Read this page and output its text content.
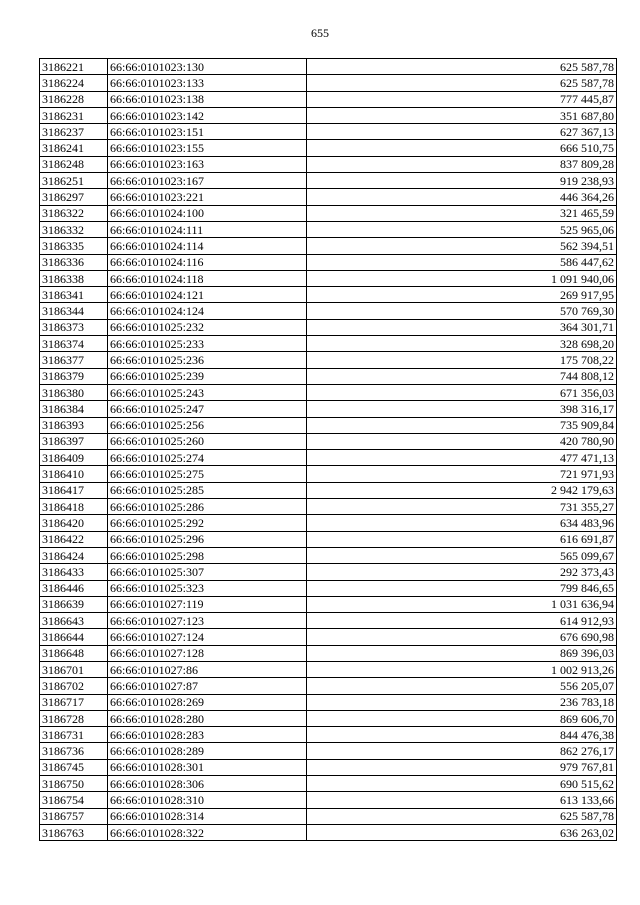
655
3186221	66:66:0101023:130	625 587,78
3186224	66:66:0101023:133	625 587,78
3186228	66:66:0101023:138	777 445,87
3186231	66:66:0101023:142	351 687,80
3186237	66:66:0101023:151	627 367,13
3186241	66:66:0101023:155	666 510,75
3186248	66:66:0101023:163	837 809,28
3186251	66:66:0101023:167	919 238,93
3186297	66:66:0101023:221	446 364,26
3186322	66:66:0101024:100	321 465,59
3186332	66:66:0101024:111	525 965,06
3186335	66:66:0101024:114	562 394,51
3186336	66:66:0101024:116	586 447,62
3186338	66:66:0101024:118	1 091 940,06
3186341	66:66:0101024:121	269 917,95
3186344	66:66:0101024:124	570 769,30
3186373	66:66:0101025:232	364 301,71
3186374	66:66:0101025:233	328 698,20
3186377	66:66:0101025:236	175 708,22
3186379	66:66:0101025:239	744 808,12
3186380	66:66:0101025:243	671 356,03
3186384	66:66:0101025:247	398 316,17
3186393	66:66:0101025:256	735 909,84
3186397	66:66:0101025:260	420 780,90
3186409	66:66:0101025:274	477 471,13
3186410	66:66:0101025:275	721 971,93
3186417	66:66:0101025:285	2 942 179,63
3186418	66:66:0101025:286	731 355,27
3186420	66:66:0101025:292	634 483,96
3186422	66:66:0101025:296	616 691,87
3186424	66:66:0101025:298	565 099,67
3186433	66:66:0101025:307	292 373,43
3186446	66:66:0101025:323	799 846,65
3186639	66:66:0101027:119	1 031 636,94
3186643	66:66:0101027:123	614 912,93
3186644	66:66:0101027:124	676 690,98
3186648	66:66:0101027:128	869 396,03
3186701	66:66:0101027:86	1 002 913,26
3186702	66:66:0101027:87	556 205,07
3186717	66:66:0101028:269	236 783,18
3186728	66:66:0101028:280	869 606,70
3186731	66:66:0101028:283	844 476,38
3186736	66:66:0101028:289	862 276,17
3186745	66:66:0101028:301	979 767,81
3186750	66:66:0101028:306	690 515,62
3186754	66:66:0101028:310	613 133,66
3186757	66:66:0101028:314	625 587,78
3186763	66:66:0101028:322	636 263,02
